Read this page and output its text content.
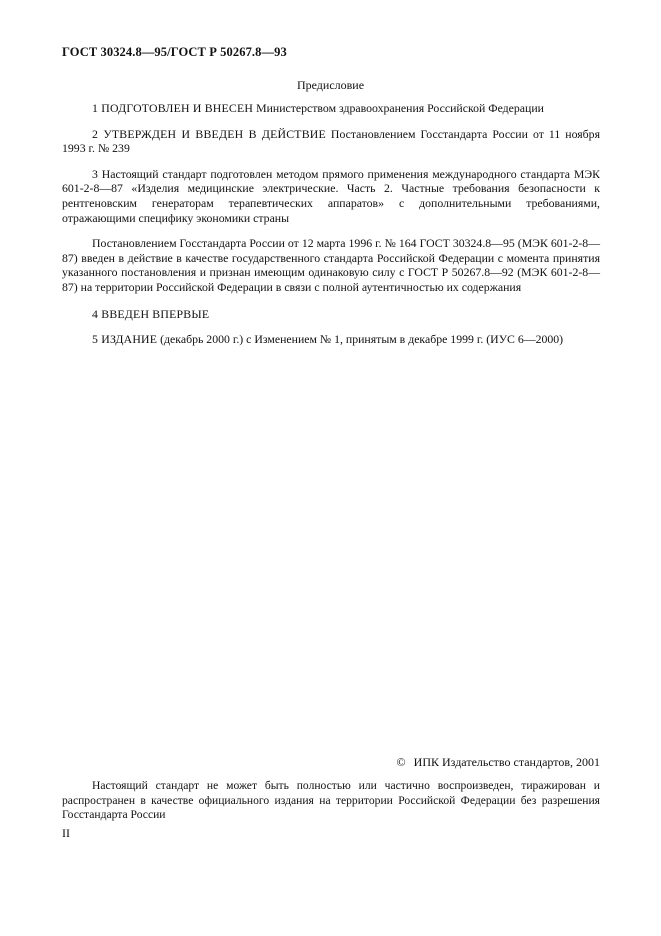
ГОСТ 30324.8—95/ГОСТ Р 50267.8—93
Предисловие

1 ПОДГОТОВЛЕН И ВНЕСЕН Министерством здравоохранения Российской Федерации

2 УТВЕРЖДЕН И ВВЕДЕН В ДЕЙСТВИЕ Постановлением Госстандарта России от 11 ноября 1993 г. № 239

3 Настоящий стандарт подготовлен методом прямого применения международного стандарта МЭК 601-2-8—87 «Изделия медицинские электрические. Часть 2. Частные требования безопасности к рентгеновским генераторам терапевтических аппаратов» с дополнительными требованиями, отражающими специфику экономики страны

Постановлением Госстандарта России от 12 марта 1996 г. № 164 ГОСТ 30324.8—95 (МЭК 601-2-8—87) введен в действие в качестве государственного стандарта Российской Федерации с момента принятия указанного постановления и признан имеющим одинаковую силу с ГОСТ Р 50267.8—92 (МЭК 601-2-8—87) на территории Российской Федерации в связи с полной аутентичностью их содержания

4 ВВЕДЕН ВПЕРВЫЕ

5 ИЗДАНИЕ (декабрь 2000 г.) с Изменением № 1, принятым в декабре 1999 г. (ИУС 6—2000)

© ИПК Издательство стандартов, 2001

Настоящий стандарт не может быть полностью или частично воспроизведен, тиражирован и распространен в качестве официального издания на территории Российской Федерации без разрешения Госстандарта России

II
